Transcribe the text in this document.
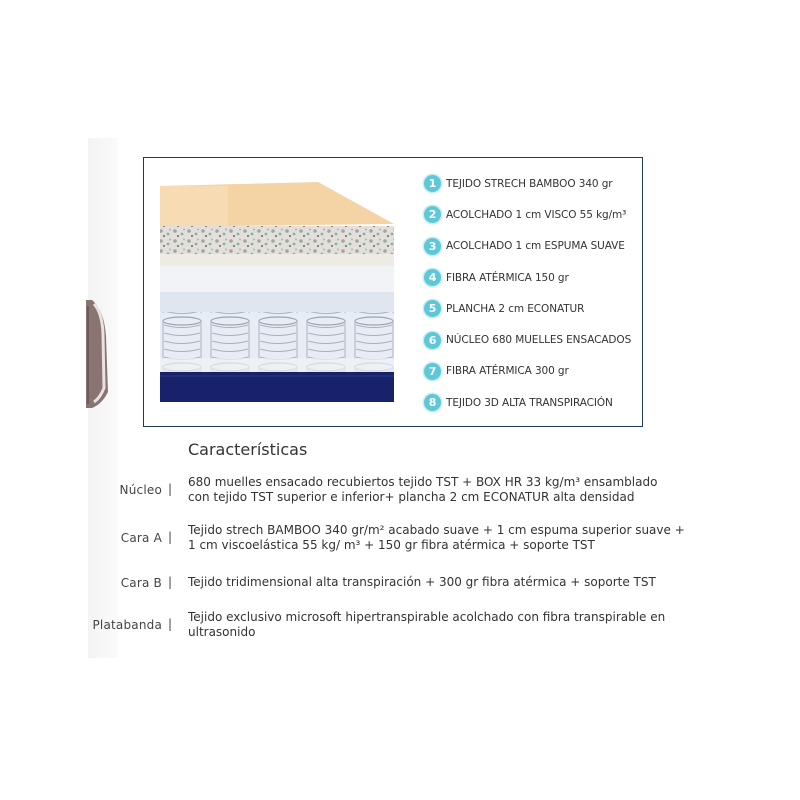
1 TEJIDO STRECH BAMBOO 340 gr
2 ACOLCHADO 1 cm VISCO 55 kg/m³
3 ACOLCHADO 1 cm ESPUMA SUAVE
4 FIBRA ATÉRMICA 150 gr
5 PLANCHA 2 cm ECONATUR
6 NÚCLEO 680 MUELLES ENSACADOS
7 FIBRA ATÉRMICA 300 gr
8 TEJIDO 3D ALTA TRANSPIRACIÓN
Características
Núcleo | 680 muelles ensacado recubiertos tejido TST + BOX HR 33 kg/m³ ensamblado
con tejido TST superior e inferior+ plancha 2 cm ECONATUR alta densidad

Cara A | Tejido strech BAMBOO 340 gr/m² acabado suave + 1 cm espuma superior suave +
1 cm viscoelástica 55 kg/ m³ + 150 gr fibra atérmica + soporte TST

Cara B | Tejido tridimensional alta transpiración + 300 gr fibra atérmica + soporte TST

Platabanda | Tejido exclusivo microsoft hipertranspirable acolchado con fibra transpirable en
ultrasonido
